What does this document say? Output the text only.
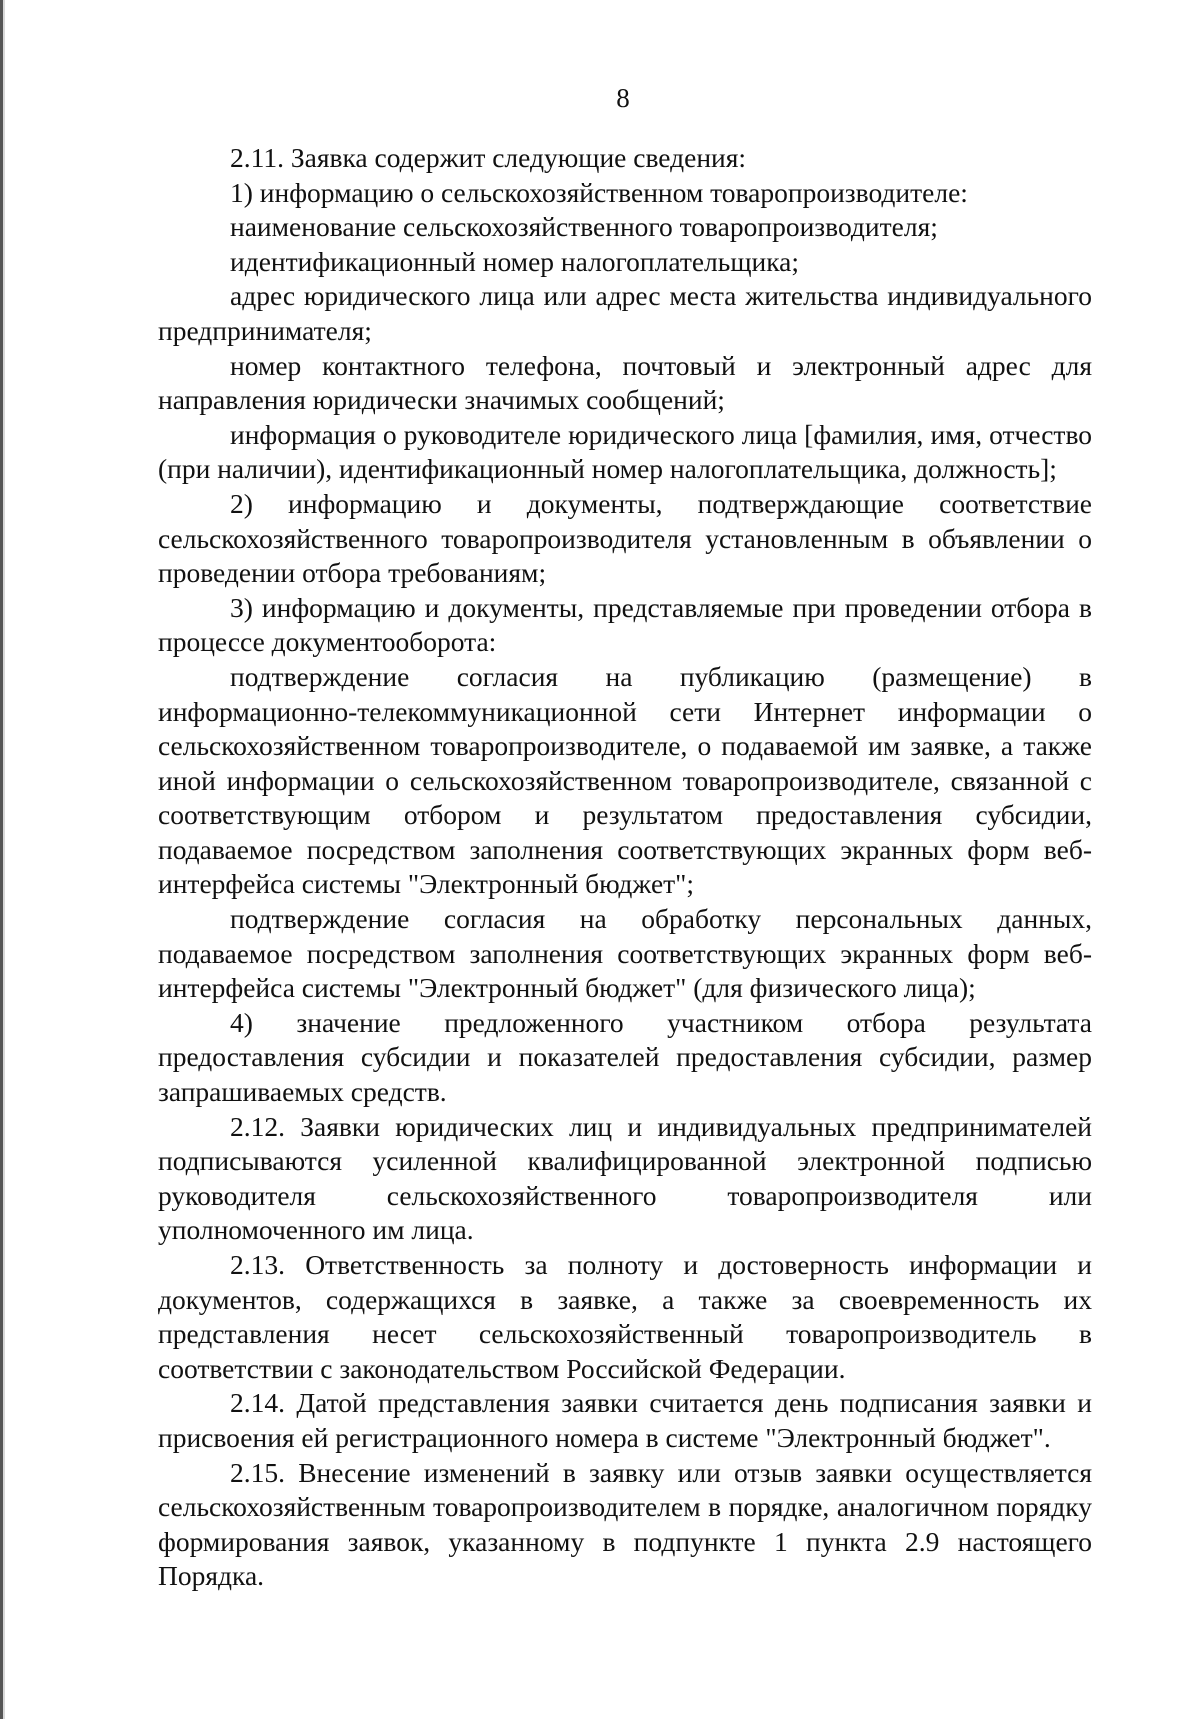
8

2.11. Заявка содержит следующие сведения:

1) информацию о сельскохозяйственном товаропроизводителе:

наименование сельскохозяйственного товаропроизводителя;

идентификационный номер налогоплательщика;

адрес юридического лица или адрес места жительства индивидуального предпринимателя;

номер контактного телефона, почтовый и электронный адрес для направления юридически значимых сообщений;

информация о руководителе юридического лица [фамилия, имя, отчество (при наличии), идентификационный номер налогоплательщика, должность];

2) информацию и документы, подтверждающие соответствие сельскохозяйственного товаропроизводителя установленным в объявлении о проведении отбора требованиям;

3) информацию и документы, представляемые при проведении отбора в процессе документооборота:

подтверждение согласия на публикацию (размещение) в информационно-телекоммуникационной сети Интернет информации о сельскохозяйственном товаропроизводителе, о подаваемой им заявке, а также иной информации о сельскохозяйственном товаропроизводителе, связанной с соответствующим отбором и результатом предоставления субсидии, подаваемое посредством заполнения соответствующих экранных форм веб-интерфейса системы "Электронный бюджет";

подтверждение согласия на обработку персональных данных, подаваемое посредством заполнения соответствующих экранных форм веб-интерфейса системы "Электронный бюджет" (для физического лица);

4) значение предложенного участником отбора результата предоставления субсидии и показателей предоставления субсидии, размер запрашиваемых средств.

2.12. Заявки юридических лиц и индивидуальных предпринимателей подписываются усиленной квалифицированной электронной подписью руководителя сельскохозяйственного товаропроизводителя или уполномоченного им лица.

2.13. Ответственность за полноту и достоверность информации и документов, содержащихся в заявке, а также за своевременность их представления несет сельскохозяйственный товаропроизводитель в соответствии с законодательством Российской Федерации.

2.14. Датой представления заявки считается день подписания заявки и присвоения ей регистрационного номера в системе "Электронный бюджет".

2.15. Внесение изменений в заявку или отзыв заявки осуществляется сельскохозяйственным товаропроизводителем в порядке, аналогичном порядку формирования заявок, указанному в подпункте 1 пункта 2.9 настоящего Порядка.
